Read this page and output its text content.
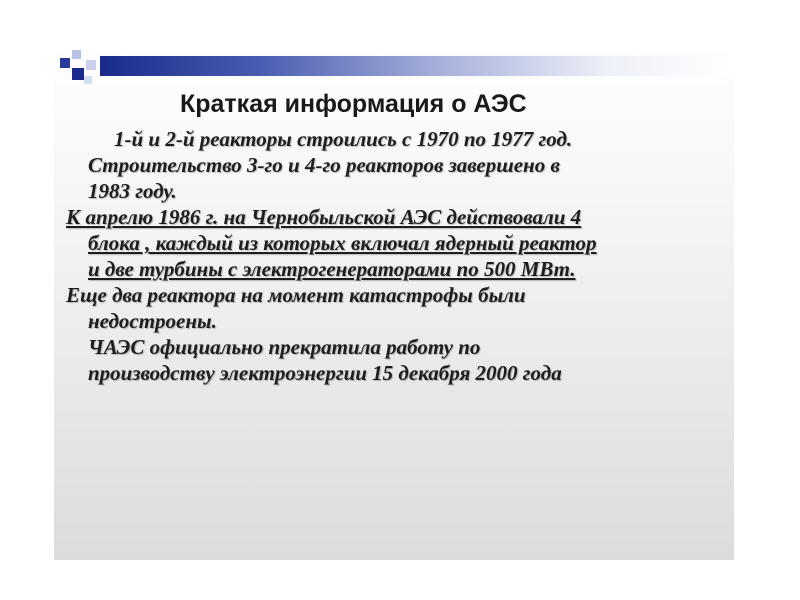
Краткая информация о АЭС

1-й и 2-й реакторы строились с 1970 по 1977 год.
Строительство 3-го и 4-го реакторов завершено в
1983 году.

К апрелю 1986 г. на Чернобыльской АЭС действовали 4
блока , каждый из которых включал ядерный реактор
и две турбины с электрогенераторами по 500 МВт.

Еще два реактора на момент катастрофы были
недостроены.
ЧАЭС официально прекратила работу по
производству электроэнергии 15 декабря 2000 года
